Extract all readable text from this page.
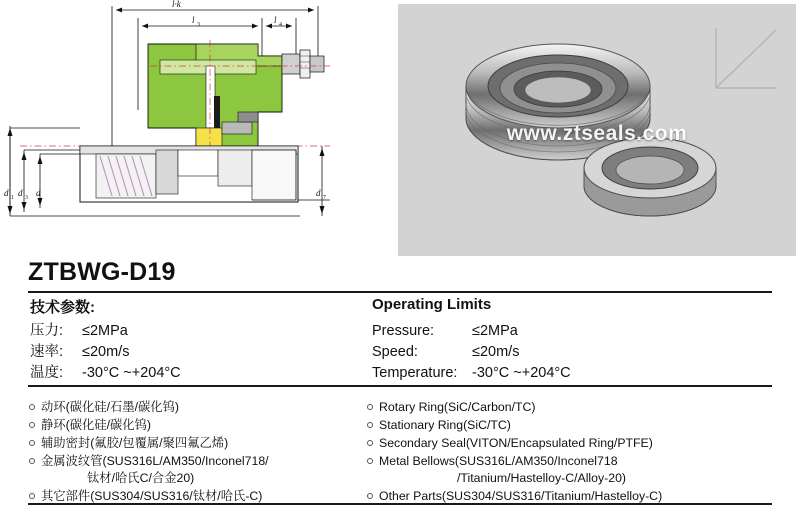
l·k
l 3	l 4
d 1 d 3 d	d 7
www.ztseals.com
ZTBWG-D19
技术参数:	Operating Limits
压力: ≤2MPa
速率: ≤20m/s
温度: -30°C ~+204°C
Pressure:	≤2MPa
Speed:	≤20m/s
Temperature: -30°C ~+204°C
动环(碳化硅/石墨/碳化钨)
静环(碳化硅/碳化钨)
辅助密封(氟胶/包覆属/聚四氟乙烯)
金属波纹管(SUS316L/AM350/Inconel718/
钛材/哈氏C/合金20)
其它部件(SUS304/SUS316/钛材/哈氏-C)
Rotary Ring(SiC/Carbon/TC)
Stationary Ring(SiC/TC)
Secondary Seal(VITON/Encapsulated Ring/PTFE)
Metal Bellows(SUS316L/AM350/Inconel718
/Titanium/Hastelloy-C/Alloy-20)
Other Parts(SUS304/SUS316/Titanium/Hastelloy-C)
